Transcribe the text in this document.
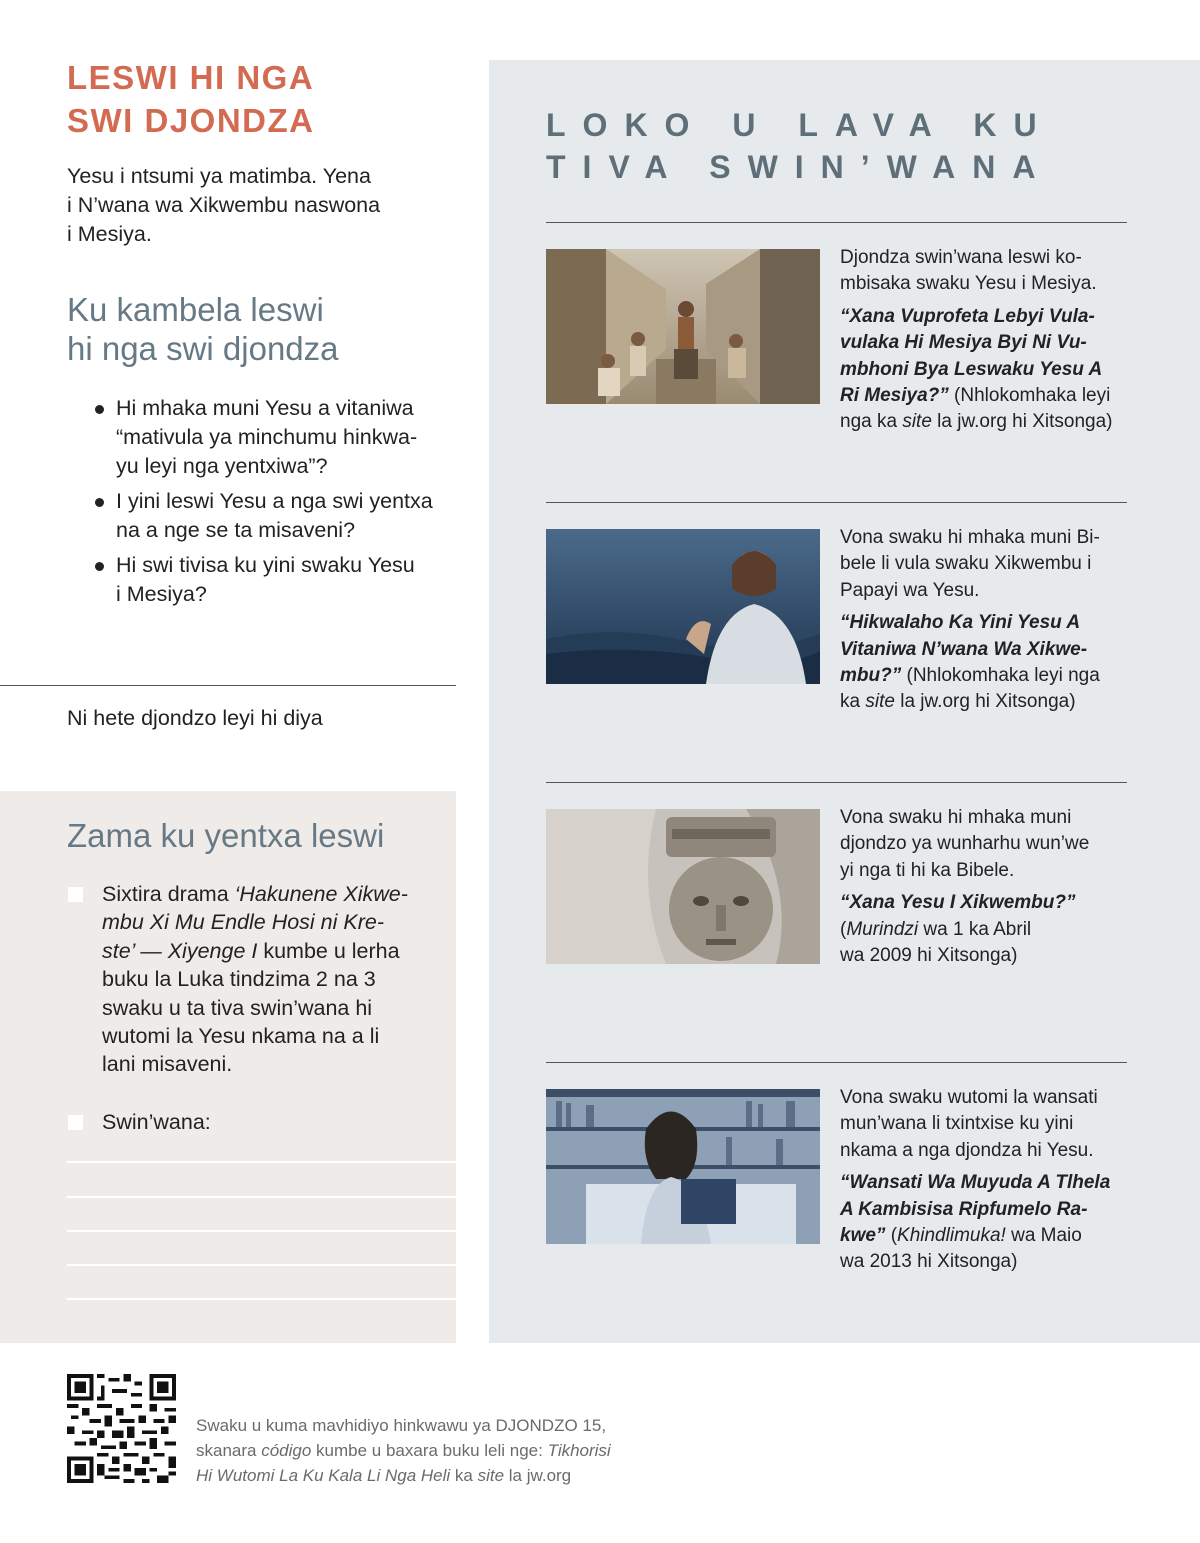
LESWI HI NGA
SWI DJONDZA
Yesu i ntsumi ya matimba. Yena
i N’wana wa Xikwembu naswona
i Mesiya.
Ku kambela leswi
hi nga swi djondza
Hi mhaka muni Yesu a vitaniwa
“mativula ya minchumu hinkwa-
yu leyi nga yentxiwa”?
I yini leswi Yesu a nga swi yentxa
na a nge se ta misaveni?
Hi swi tivisa ku yini swaku Yesu
i Mesiya?
Ni hete djondzo leyi hi diya
Zama ku yentxa leswi
Sixtira drama ‘Hakunene Xikwe-
mbu Xi Mu Endle Hosi ni Kre-
ste’ — Xiyenge I kumbe u lerha
buku la Luka tindzima 2 na 3
swaku u ta tiva swin’wana hi
wutomi la Yesu nkama na a li
lani misaveni.
Swin’wana:
LOKO U LAVA KU
TIVA SWIN’WANA
Djondza swin’wana leswi ko-
mbisaka swaku Yesu i Mesiya.
“Xana Vuprofeta Lebyi Vula-
vulaka Hi Mesiya Byi Ni Vu-
mbhoni Bya Leswaku Yesu A
Ri Mesiya?” (Nhlokomhaka leyi
nga ka site la jw.org hi Xitsonga)
Vona swaku hi mhaka muni Bi-
bele li vula swaku Xikwembu i
Papayi wa Yesu.
“Hikwalaho Ka Yini Yesu A
Vitaniwa N’wana Wa Xikwe-
mbu?” (Nhlokomhaka leyi nga
ka site la jw.org hi Xitsonga)
Vona swaku hi mhaka muni
djondzo ya wunharhu wun’we
yi nga ti hi ka Bibele.
“Xana Yesu I Xikwembu?”
(Murindzi wa 1 ka Abril
wa 2009 hi Xitsonga)
Vona swaku wutomi la wansati
mun’wana li txintxise ku yini
nkama a nga djondza hi Yesu.
“Wansati Wa Muyuda A Tlhela
A Kambisisa Ripfumelo Ra-
kwe” (Khindlimuka! wa Maio
wa 2013 hi Xitsonga)
Swaku u kuma mavhidiyo hinkwawu ya DJONDZO 15,
skanara código kumbe u baxara buku leli nge: Tikhorisi
Hi Wutomi La Ku Kala Li Nga Heli ka site la jw.org
